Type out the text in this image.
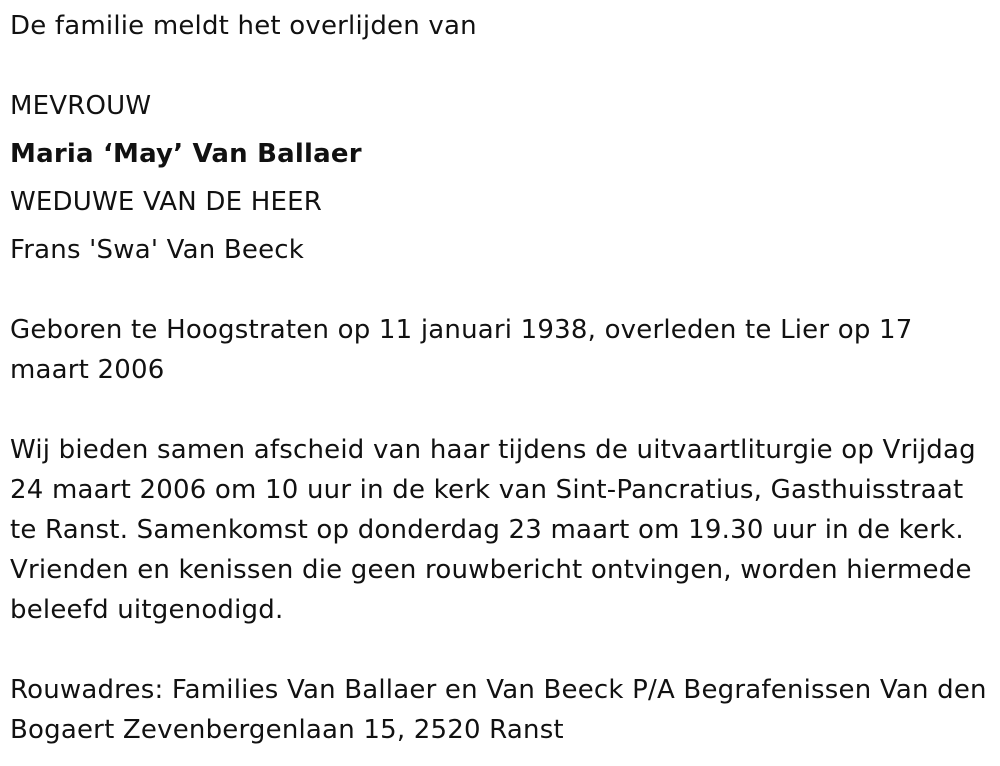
De familie meldt het overlijden van
MEVROUW
Maria ‘May’ Van Ballaer
WEDUWE VAN DE HEER
Frans 'Swa' Van Beeck
Geboren te Hoogstraten op 11 januari 1938, overleden te Lier op 17 maart 2006
Wij bieden samen afscheid van haar tijdens de uitvaartliturgie op Vrijdag 24 maart 2006 om 10 uur in de kerk van Sint-Pancratius, Gasthuisstraat te Ranst. Samenkomst op donderdag 23 maart om 19.30 uur in de kerk. Vrienden en kenissen die geen rouwbericht ontvingen, worden hiermede beleefd uitgenodigd.
Rouwadres: Families Van Ballaer en Van Beeck P/A Begrafenissen Van den Bogaert Zevenbergenlaan 15, 2520 Ranst
